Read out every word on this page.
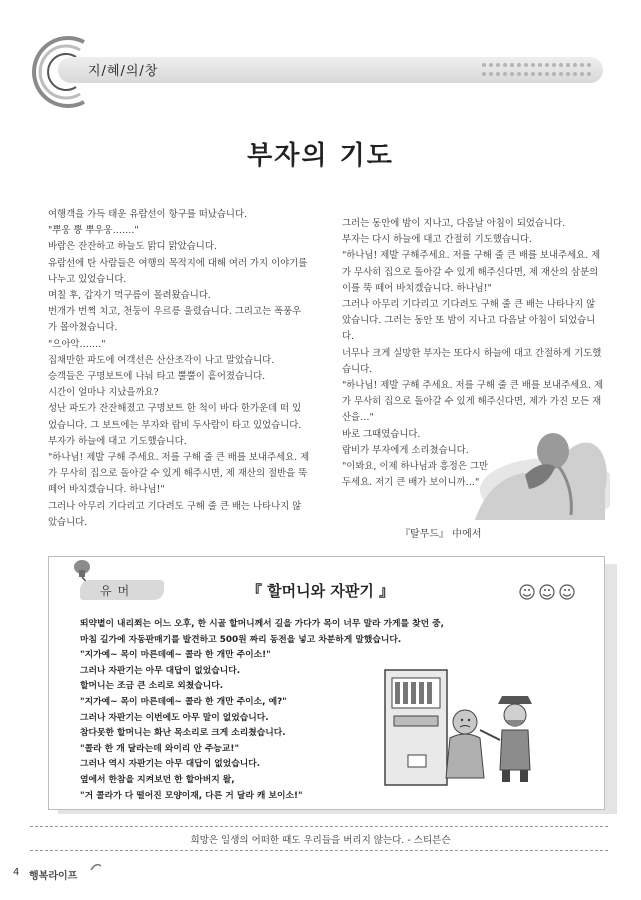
지/혜/의/창
부자의 기도

여행객을 가득 태운 유람선이 항구를 떠났습니다.

"뿌웅 뿡 뿌우웅……."

바람은 잔잔하고 하늘도 맑디 맑았습니다.

유람선에 탄 사람들은 여행의 목적지에 대해 여러 가지 이야기를 나누고 있었습니다.

며칠 후, 갑자기 먹구름이 몰려왔습니다.

번개가 번쩍 치고, 천둥이 우르릉 울렸습니다. 그리고는 폭풍우가 몰아쳤습니다.

"으아악……."

집채만한 파도에 여객선은 산산조각이 나고 말았습니다.

승객들은 구명보트에 나눠 타고 뿔뿔이 흩어졌습니다.

시간이 얼마나 지났을까요?

성난 파도가 잔잔해졌고 구명보트 한 척이 바다 한가운데 떠 있었습니다. 그 보트에는 부자와 랍비 두사람이 타고 있었습니다.

부자가 하늘에 대고 기도했습니다.

"하나님! 제발 구해 주세요. 저를 구해 줄 큰 배를 보내주세요. 제가 무사히 집으로 돌아갈 수 있게 해주시면, 제 재산의 절반을 뚝 떼어 바치겠습니다. 하나님!"

그러나 아무리 기다리고 기다려도 구해 줄 큰 배는 나타나지 않았습니다.

그러는 동안에 밤이 지나고, 다음날 아침이 되었습니다.

부자는 다시 하늘에 대고 간절히 기도했습니다.

"하나님! 제발 구해주세요. 저를 구해 줄 큰 배를 보내주세요. 제가 무사히 집으로 돌아갈 수 있게 해주신다면, 제 재산의 삼분의 이를 뚝 떼어 바치겠습니다. 하나님!"

그러나 아무리 기다리고 기다려도 구해 줄 큰 배는 나타나지 않았습니다. 그러는 동안 또 밤이 지나고 다음날 아침이 되었습니다.

너무나 크게 실망한 부자는 또다시 하늘에 대고 간절하게 기도했습니다.

"하나님! 제발 구해 주세요. 저를 구해 줄 큰 배를 보내주세요. 제가 무사히 집으로 돌아갈 수 있게 해주신다면, 제가 가진 모든 재산을…"

바로 그때였습니다.

랍비가 부자에게 소리쳤습니다.

"이봐요, 이제 하나님과 흥정은 그만두세요. 저기 큰 배가 보이니까…"

『탈무드』 中에서
유머	『 할머니와 자판기 』

뙤약볕이 내리쬐는 어느 오후, 한 시골 할머니께서 길을 가다가 목이 너무 말라 가게를 찾던 중,

마침 길가에 자동판매기를 발견하고 500원 짜리 동전을 넣고 차분하게 말했습니다.

"지가예~ 목이 마른데예~ 콜라 한 개만 주이소!"

그러나 자판기는 아무 대답이 없었습니다.

할머니는 조금 큰 소리로 외쳤습니다.

"지가예~ 목이 마른데예~ 콜라 한 개만 주이소, 예?"

그러나 자판기는 이번에도 아무 말이 없었습니다.

참다못한 할머니는 화난 목소리로 크게 소리쳤습니다.

"콜라 한 개 달라는데 와이리 안 주능교!"

그러나 역시 자판기는 아무 대답이 없었습니다.

옆에서 한참을 지켜보던 한 할아버지 왈,

"거 콜라가 다 떨어진 모양이재, 다른 거 달라 캐 보이소!"

희망은 일생의 어떠한 때도 우리들을 버리지 않는다. - 스티븐슨
4 행복라이프
